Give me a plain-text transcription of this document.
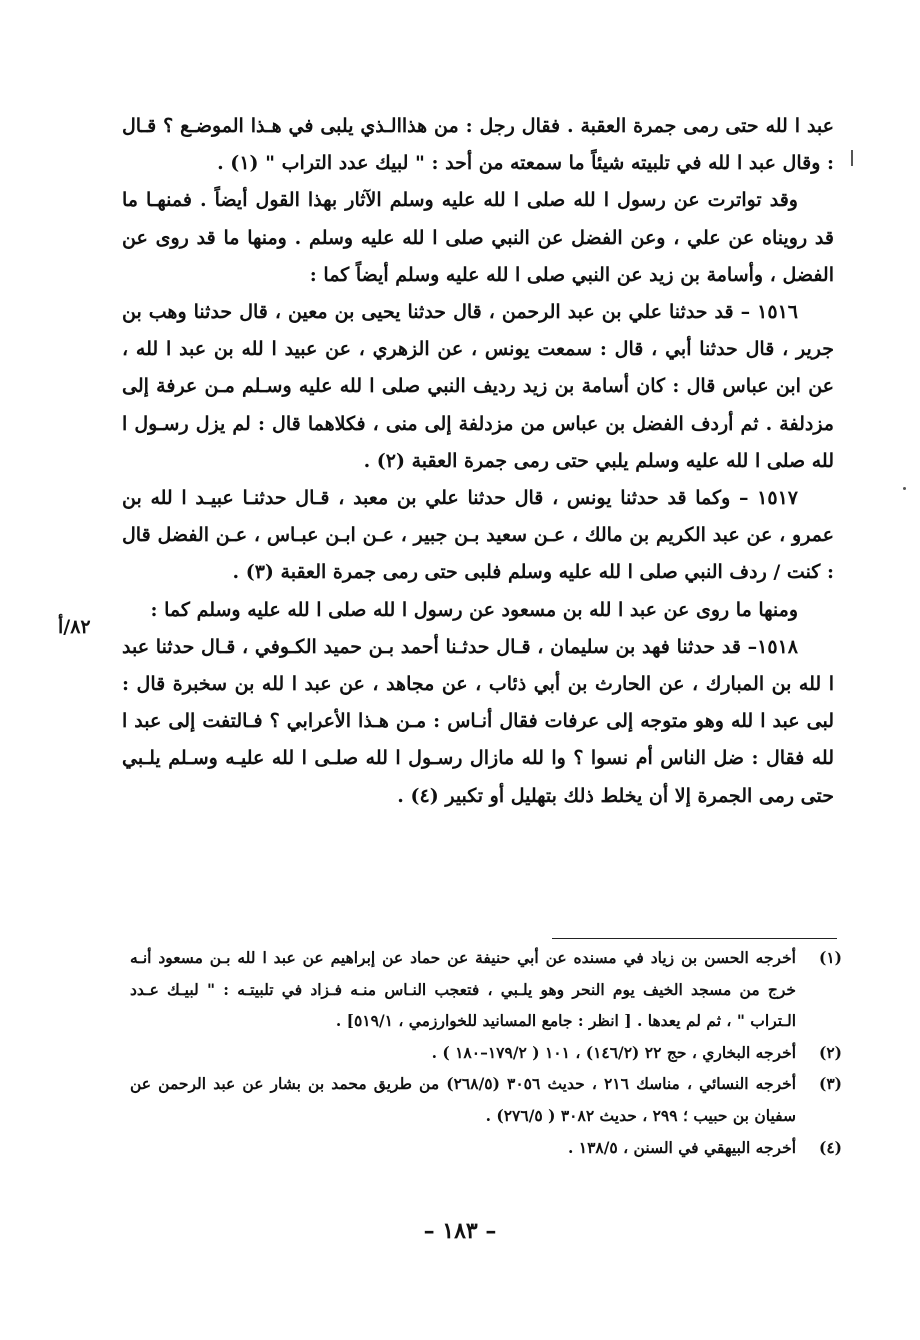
عبد ا لله حتى رمى جمرة العقبة . فقال رجل : من هذاالـذي يلبى في هـذا الموضـع ؟ قـال : وقال عبد ا لله في تلبيته شيئاً ما سمعته من أحد : " لبيك عدد التراب " (١) .

وقد تواترت عن رسول ا لله صلى ا لله عليه وسلم الآثار بهذا القول أيضاً . فمنهـا ما قد رويناه عن علي ، وعن الفضل عن النبي صلى ا لله عليه وسلم . ومنها ما قد روى عن الفضل ، وأسامة بن زيد عن النبي صلى ا لله عليه وسلم أيضاً كما :

١٥١٦ – قد حدثنا علي بن عبد الرحمن ، قال حدثنا يحيى بن معين ، قال حدثنا وهب بن جرير ، قال حدثنا أبي ، قال : سمعت يونس ، عن الزهري ، عن عبيد ا لله بن عبد ا لله ، عن ابن عباس قال : كان أسامة بن زيد رديف النبي صلى ا لله عليه وسـلم مـن عرفة إلى مزدلفة . ثم أردف الفضل بن عباس من مزدلفة إلى منى ، فكلاهما قال : لم يزل رسـول ا لله صلى ا لله عليه وسلم يلبي حتى رمى جمرة العقبة (٢) .

١٥١٧ – وكما قد حدثنا يونس ، قال حدثنا علي بن معبد ، قـال حدثنـا عبيـد ا لله بن عمرو ، عن عبد الكريم بن مالك ، عـن سعيد بـن جبير ، عـن ابـن عبـاس ، عـن الفضل قال : كنت / ردف النبي صلى ا لله عليه وسلم فلبى حتى رمى جمرة العقبة (٣) .

ومنها ما روى عن عبد ا لله بن مسعود عن رسول ا لله صلى ا لله عليه وسلم كما :

١٥١٨– قد حدثنا فهد بن سليمان ، قـال حدثـنا أحمد بـن حميد الكـوفي ، قـال حدثنا عبد ا لله بن المبارك ، عن الحارث بن أبي ذئاب ، عن مجاهد ، عن عبد ا لله بن سخبرة قال : لبى عبد ا لله وهو متوجه إلى عرفات فقال أنـاس : مـن هـذا الأعرابي ؟ فـالتفت إلى عبد ا لله فقال : ضل الناس أم نسوا ؟ وا لله مازال رسـول ا لله صلـى ا لله عليـه وسـلم يلـبي حتى رمى الجمرة إلا أن يخلط ذلك بتهليل أو تكبير (٤) .

٨٢/أ
(١)
أخرجه الحسن بن زياد في مسنده عن أبي حنيفة عن حماد عن إبراهيم عن عبد ا لله بـن مسعود أنـه خرج من مسجد الخيف يوم النحر وهو يلـبي ، فتعجب النـاس منـه فـزاد في تلبيتـه : " لبيـك عـدد الـتراب " ، ثم لم يعدها . [ انظر : جامع المسانيد للخوارزمي ، ٥١٩/١] .
(٢)
أخرجه البخاري ، حج ٢٢ (١٤٦/٢) ، ١٠١ ( ١٧٩/٢–١٨٠ ) .
(٣)
أخرجه النسائي ، مناسك ٢١٦ ، حديث ٣٠٥٦ (٢٦٨/٥) من طريق محمد بن بشار عن عبد الرحمن عن سفيان بن حبيب ؛ ٢٩٩ ، حديث ٣٠٨٢ ( ٢٧٦/٥) .
(٤)
أخرجه البيهقي في السنن ، ١٣٨/٥ .
– ١٨٣ –
